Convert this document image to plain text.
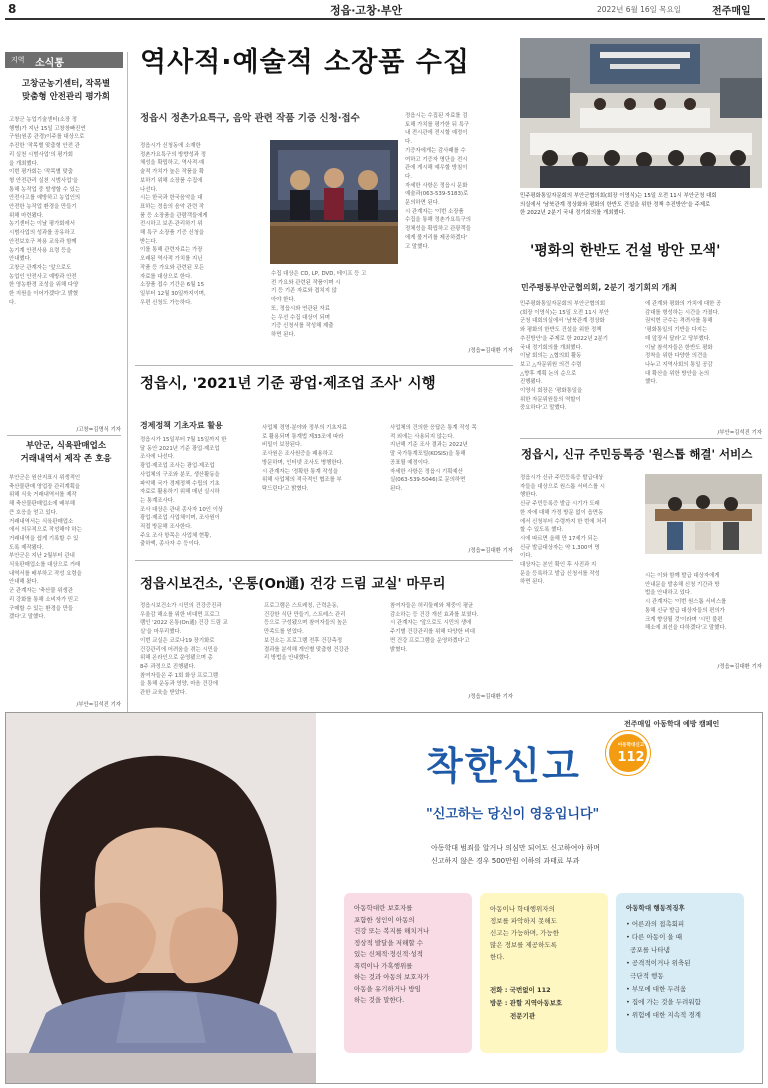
8	정읍·고창·부안	2022년 6월 16일 목요일	전주매일
지역 소식통
고창군농기센터, 작목별
맞춤형 안전관리 평가회
고창군 농업기술센터(소장 정
행병)가 지난 15일 고창창빠진연
구원(원종 관경)이주를 대상으로
추진한 '작목별 맞춤형 안전 관
리 실천 시범사업'의 평가회
을 개최했다.
이번 평가회는 '작목별 맞춤
형 안전관리 실천 시범사업'을
통해 농작업 중 발생할 수 있는
안전사고를 예방하고 농업인의
안전한 농작업 환경을 만들기
위해 마련됐다.
농기센터는 이날 평가회에서
시범사업의 성과를 공유하고
안전보호구 착용 교육과 함께
농기계 안전사용 요령 등을
안내했다.
고창군 관계자는 '앞으로도
농업인 안전사고 예방과 안전
한 영농환경 조성을 위해 다양
한 지원을 이어가겠다'고 밝혔
다.
/고창=김명식 기자
부안군, 식육판매업소
거래내역서 제작 존 호응
부안군은 원산지표시 위생적인
축산물판매 영업장 관리계획을
위해 식육 거래내역서를 제작
해 축산물판매업소에 배부해
큰 호응을 얻고 있다.
거래내역서는 식육판매업소
에서 의무적으로 작성해야 하는
거래내역을 쉽게 기록할 수 있
도록 제작됐다.
부안군은 지난 2월부터 관내
식육판매업소를 대상으로 거래
내역서를 배부하고 작성 요령을
안내해 왔다.
군 관계자는 '축산물 위생관
리 강화를 통해 소비자가 믿고
구매할 수 있는 환경을 만들
겠다'고 말했다.
/부안=김석진 기자
역사적·예술적 소장품 수집
정읍시 정촌가요특구, 음악 관련 작품 기증 신청·접수
정읍시가 신청동에 소재한
정촌가요특구의 방향성과 정
체성을 확립하고, 역사적·예
술적 가치가 높은 작품을 확
보하기 위해 소장품 수집에
나선다.
시는 한국과 한국음악을 대
표하는 정읍의 음악 관련 작
품 등 소장품을 관람객들에게
전시하고 보존·관리하기 위
해 특구 소장품 기증 신청을
받는다.
이를 통해 관련자료는 가장
오래된 역사적 가치를 지닌
작품 등 가요와 관련된 모든
자료를 대상으로 한다.
소장품 접수 기간은 6월 15
일부터 12월 30일까지이며,
우편 신청도 가능하다.
수집 대상은 CD, LP, DVD, 테이프 등 고
전 가요와 관련된 작품이며 시
기 등 기존 자료와 겹치지 않
아야 한다.
또, 정읍시와 연관된 자료
는 우선 수집 대상이 되며
기증 신청서를 작성해 제출
하면 된다.
정읍시는 수집된 자료를 검
토해 가치를 평가한 뒤 특구
내 전시관에 전시할 예정이
다.
기증자에게는 감사패를 수
여하고 기증자 명단을 전시
관에 게시해 예우할 방침이
다.
자세한 사항은 정읍시 문화
예술과(063-539-5183)로
문의하면 된다.
시 관계자는 '이번 소장품
수집을 통해 정촌가요특구의
정체성을 확립하고 관광객들
에게 볼거리를 제공하겠다'
고 말했다.
/정읍=김대환 기자
민주평화통일자문회의 부안군협의회(회장 이영식)는 15일 오전 11시 부안군청 대회
의실에서 '남북관계 정상화와 평화의 한반도 건설을 위한 정책 추진방안'을 주제로
한 2022년 2분기 국내 정기회의를 개최했다.
'평화의 한반도 건설 방안 모색'
민주평통부안군협의회, 2분기 정기회의 개최
민주평화통일자문회의 부안군협의회
(회장 이영식)는 15일 오전 11시 부안
군청 대회의실에서 '남북관계 정상화
와 평화의 한반도 건설을 위한 정책
추진방안'을 주제로 한 2022년 2분기
국내 정기회의를 개최했다.
이날 회의는 △협의회 활동
보고 △자문위원 의견 수렴
△향후 계획 논의 순으로
진행됐다.
이영식 회장은 '평화통일을
위한 자문위원들의 역할이
중요하다'고 말했다.
에 관계와 평화의 가치에 대한 공
감대를 형성하는 시간을 가졌다.
권익현 군수는 격려사를 통해
'평화통일의 기반을 다지는
데 앞장서 달라'고 당부했다.
이날 참석자들은 한반도 평화
정착을 위한 다양한 의견을
나누고 지역사회의 통일 공감
대 확산을 위한 방안을 논의
했다.
/부안=김석진 기자
정읍시, 신규 주민등록증 '원스톱 해결' 서비스
정읍시가 신규 주민등록증 발급대상
자들을 대상으로 원스톱 서비스를 시
행한다.
신규 주민등록증 발급 시기가 도래
한 자에 대해 가정 방문 없이 읍면동
에서 신청부터 수령까지 한 번에 처리
할 수 있도록 했다.
시에 따르면 올해 만 17세가 되는
신규 발급대상자는 약 1,300여 명
이다.
대상자는 본인 확인 후 사진과 지
문을 등록하고 발급 신청서를 작성
하면 된다.
시는 이와 함께 발급 대상자에게
안내문을 발송해 신청 기간과 방
법을 안내하고 있다.
시 관계자는 '이번 원스톱 서비스를
통해 신규 발급 대상자들의 편의가
크게 향상될 것'이라며 '시민 불편
해소에 최선을 다하겠다'고 말했다.
/정읍=김대환 기자
정읍시, '2021년 기준 광업·제조업 조사' 시행
경제정책 기초자료 활용
정읍시가 15일부터 7월 15일까지 한
달 동안 2021년 기준 광업·제조업
조사에 나선다.
광업·제조업 조사는 광업·제조업
사업체의 구조와 분포, 생산활동을
파악해 국가 경제정책 수립의 기초
자료로 활용하기 위해 매년 실시하
는 통계조사다.
조사 대상은 관내 종사자 10인 이상
광업·제조업 사업체이며, 조사원이
직접 방문해 조사한다.
주요 조사 항목은 사업체 현황,
출하액, 종사자 수 등이다.
사업체 경영·분야와 정부의 기초자료
로 활용되며 통계법 제33조에 따라
비밀이 보장된다.
조사원은 조사원증을 패용하고
방문하며, 인터넷 조사도 병행한다.
시 관계자는 '정확한 통계 작성을
위해 사업체의 적극적인 협조를 부
탁드린다'고 밝혔다.
사업체의 건의한 응답은 통계 작성 목
적 외에는 사용되지 않는다.
지난해 기준 조사 결과는 2022년
말 국가통계포털(KOSIS)을 통해
공표될 예정이다.
자세한 사항은 정읍시 기획예산
실(063-539-5046)로 문의하면
된다.
/정읍=김대환 기자
정읍시보건소, '온통(On通) 건강 드림 교실' 마무리
정읍시보건소가 시민의 건강증진과
우울감 해소를 위한 비대면 프로그
램인 '2022 온통(On通) 건강 드림 교
실'을 마무리했다.
이번 교실은 코로나19 장기화로
건강관리에 어려움을 겪는 시민을
위해 온라인으로 운영됐으며 총
8주 과정으로 진행됐다.
참여자들은 주 1회 화상 프로그램
을 통해 운동과 영양, 마음 건강에
관한 교육을 받았다.
프로그램은 스트레칭, 근력운동,
건강한 식단 만들기, 스트레스 관리
등으로 구성됐으며 참여자들의 높은
만족도를 얻었다.
보건소는 프로그램 전후 건강측정
결과를 분석해 개인별 맞춤형 건강관
리 방법을 안내했다.
참여자들은 허리둘레와 체중이 평균
감소하는 등 건강 개선 효과를 보였다.
시 관계자는 '앞으로도 시민의 생애
주기별 건강관리를 위해 다양한 비대
면 건강 프로그램을 운영하겠다'고
밝혔다.
/정읍=김대환 기자
전주매일 아동학대 예방 캠페인
착한신고	아동학대신고
112
"신고하는 당신이 영웅입니다"
아동학대 범죄를 알거나 의심만 되어도 신고하여야 하며
신고하지 않은 경우 500만원 이하의 과태료 부과
아동학대란 보호자를
포함한 성인이 아동의
건강 또는 복지를 해치거나
정상적 발달을 저해할 수
있는 신체적·정신적·성적
폭력이나 가혹행위를
하는 것과 아동의 보호자가
아동을 유기하거나 방임
하는 것을 말한다.
아동이나 학대행위자의
정보를 파악하지 못해도
신고는 가능하며, 가능한
많은 정보를 제공하도록
한다.
전화 : 국번없이 112
방문 : 관할 지역아동보호
전문기관
아동학대 행동적징후
• 어른과의 접촉회피
• 다른 아동이 울 때
공포를 나타냄
• 공격적이거나 위축된
극단적 행동
• 부모에 대한 두려움
• 집에 가는 것을 두려워함
• 위험에 대한 지속적 경계
